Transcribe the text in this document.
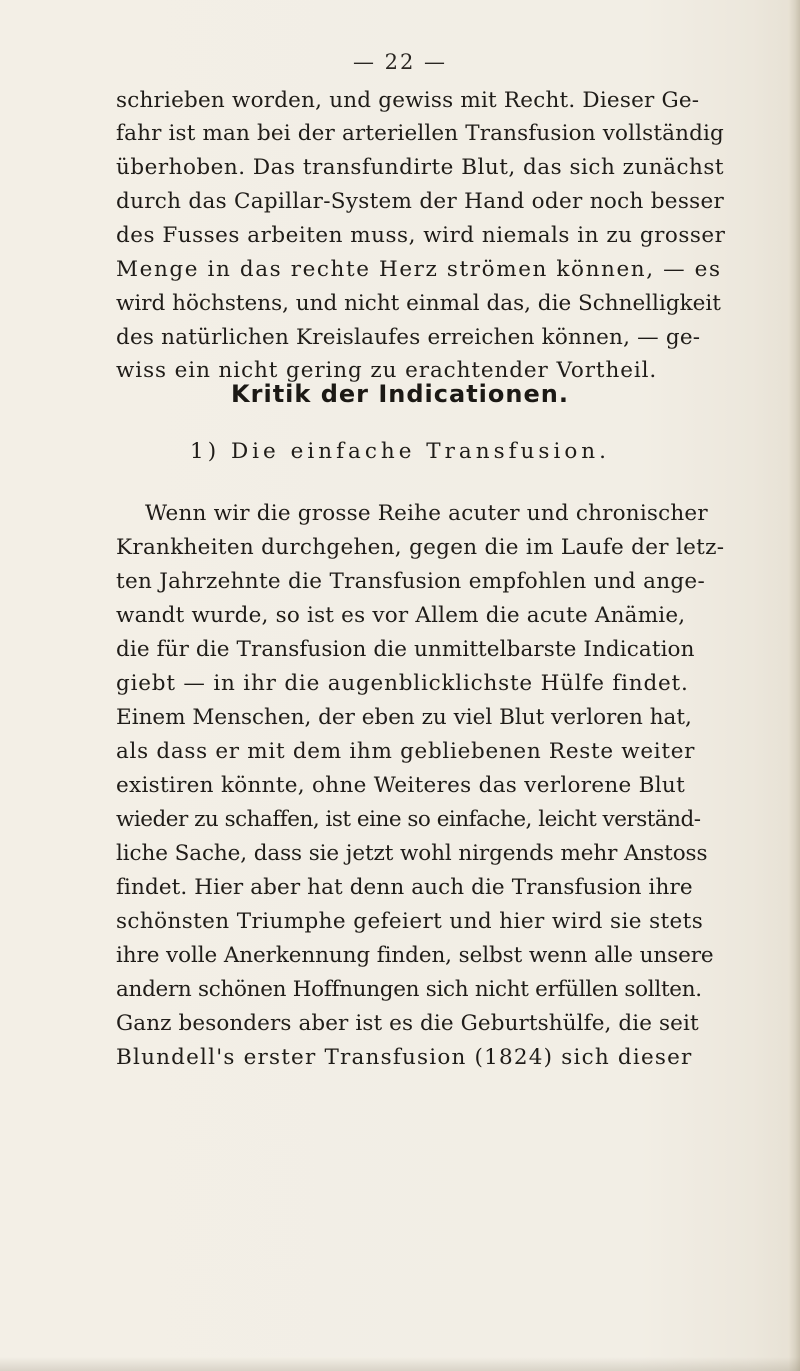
— 22 —
schrieben worden, und gewiss mit Recht. Dieser Ge-
fahr ist man bei der arteriellen Transfusion vollständig
überhoben. Das transfundirte Blut, das sich zunächst
durch das Capillar-System der Hand oder noch besser
des Fusses arbeiten muss, wird niemals in zu grosser
Menge in das rechte Herz strömen können, — es
wird höchstens, und nicht einmal das, die Schnelligkeit
des natürlichen Kreislaufes erreichen können, — ge-
wiss ein nicht gering zu erachtender Vortheil.
Kritik der Indicationen.
1) Die einfache Transfusion.
Wenn wir die grosse Reihe acuter und chronischer
Krankheiten durchgehen, gegen die im Laufe der letz-
ten Jahrzehnte die Transfusion empfohlen und ange-
wandt wurde, so ist es vor Allem die acute Anämie,
die für die Transfusion die unmittelbarste Indication
giebt — in ihr die augenblicklichste Hülfe findet.
Einem Menschen, der eben zu viel Blut verloren hat,
als dass er mit dem ihm gebliebenen Reste weiter
existiren könnte, ohne Weiteres das verlorene Blut
wieder zu schaffen, ist eine so einfache, leicht verständ-
liche Sache, dass sie jetzt wohl nirgends mehr Anstoss
findet. Hier aber hat denn auch die Transfusion ihre
schönsten Triumphe gefeiert und hier wird sie stets
ihre volle Anerkennung finden, selbst wenn alle unsere
andern schönen Hoffnungen sich nicht erfüllen sollten.
Ganz besonders aber ist es die Geburtshülfe, die seit
Blundell's erster Transfusion (1824) sich dieser
